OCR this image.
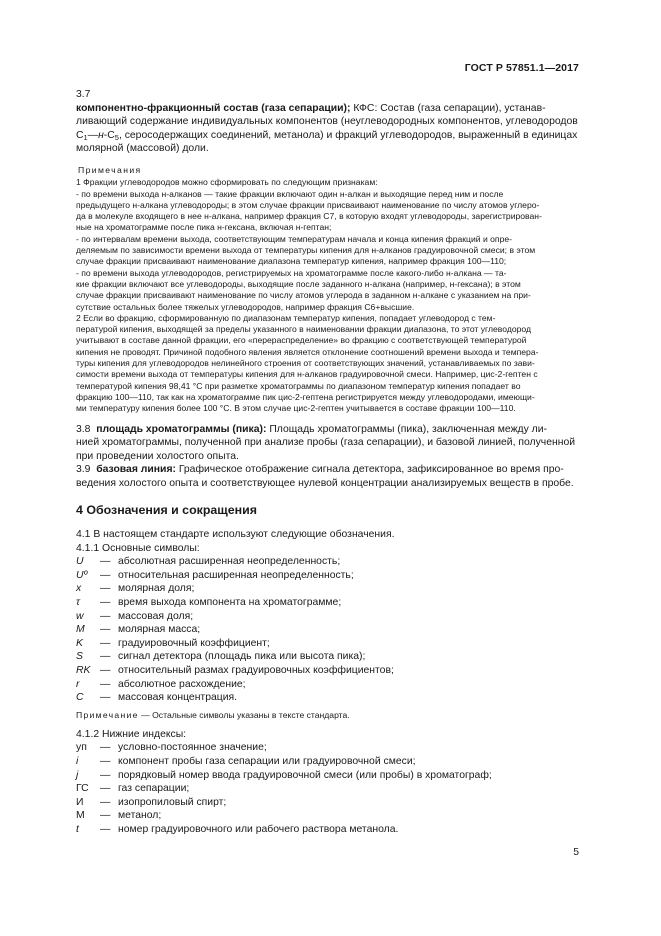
ГОСТ Р 57851.1—2017

3.7

компонентно-фракционный состав (газа сепарации); КФС: Состав (газа сепарации), устанав-

ливающий содержание индивидуальных компонентов (неуглеводородных компонентов, углеводородов

$C_1—н-C_5$, серосодержащих соединений, метанола) и фракций углеводородов, выраженный в единицах

молярной (массовой) доли.

Примечания

1 Фракции углеводородов можно сформировать по следующим признакам:

- по времени выхода н-алканов — такие фракции включают один н-алкан и выходящие перед ним и после

предыдущего н-алкана углеводороды; в этом случае фракции присваивают наименование по числу атомов углеро-

да в молекуле входящего в нее н-алкана, например фракция C7, в которую входят углеводороды, зарегистрирован-

ные на хроматограмме после пика н-гексана, включая н-гептан;

- по интервалам времени выхода, соответствующим температурам начала и конца кипения фракций и опре-

деляемым по зависимости времени выхода от температуры кипения для н-алканов градуировочной смеси; в этом

случае фракции присваивают наименование диапазона температур кипения, например фракция 100—110;

- по времени выхода углеводородов, регистрируемых на хроматограмме после какого-либо н-алкана — та-

кие фракции включают все углеводороды, выходящие после заданного н-алкана (например, н-гексана); в этом

случае фракции присваивают наименование по числу атомов углерода в заданном н-алкане с указанием на при-

сутствие остальных более тяжелых углеводородов, например фракция C6+высшие.

2 Если во фракцию, сформированную по диапазонам температур кипения, попадает углеводород с тем-

пературой кипения, выходящей за пределы указанного в наименовании фракции диапазона, то этот углеводород

учитывают в составе данной фракции, его «перераспределение» во фракцию с соответствующей температурой

кипения не проводят. Причиной подобного явления является отклонение соотношений времени выхода и темпера-

туры кипения для углеводородов нелинейного строения от соответствующих значений, устанавливаемых по зави-

симости времени выхода от температуры кипения для н-алканов градуировочной смеси. Например, цис-2-гептен с

температурой кипения 98,41 °C при разметке хроматограммы по диапазоном температур кипения попадает во

фракцию 100—110, так как на хроматограмме пик цис-2-гептена регистрируется между углеводородами, имеющи-

ми температуру кипения более 100 °C. В этом случае цис-2-гептен учитывается в составе фракции 100—110.

3.8 площадь хроматограммы (пика): Площадь хроматограммы (пика), заключенная между ли-

нией хроматограммы, полученной при анализе пробы (газа сепарации), и базовой линией, полученной

при проведении холостого опыта.

3.9 базовая линия: Графическое отображение сигнала детектора, зафиксированное во время про-

ведения холостого опыта и соответствующее нулевой концентрации анализируемых веществ в пробе.

4 Обозначения и сокращения

4.1 В настоящем стандарте используют следующие обозначения.

4.1.1 Основные символы:

U	— абсолютная расширенная неопределенность;
Uº	— относительная расширенная неопределенность;
x	— молярная доля;
τ	— время выхода компонента на хроматограмме;
w	— массовая доля;
M	— молярная масса;
K	— градуировочный коэффициент;
S	— сигнал детектора (площадь пика или высота пика);
RK — относительный размах градуировочных коэффициентов;
r	— абсолютное расхождение;
C	— массовая концентрация.

Примечание — Остальные символы указаны в тексте стандарта.

4.1.2 Нижние индексы:

уп	— условно-постоянное значение;
i	— компонент пробы газа сепарации или градуировочной смеси;
j	— порядковый номер ввода градуировочной смеси (или пробы) в хроматограф;
ГС	— газ сепарации;
И	— изопропиловый спирт;
М	— метанол;
t	— номер градуировочного или рабочего раствора метанола.
5
